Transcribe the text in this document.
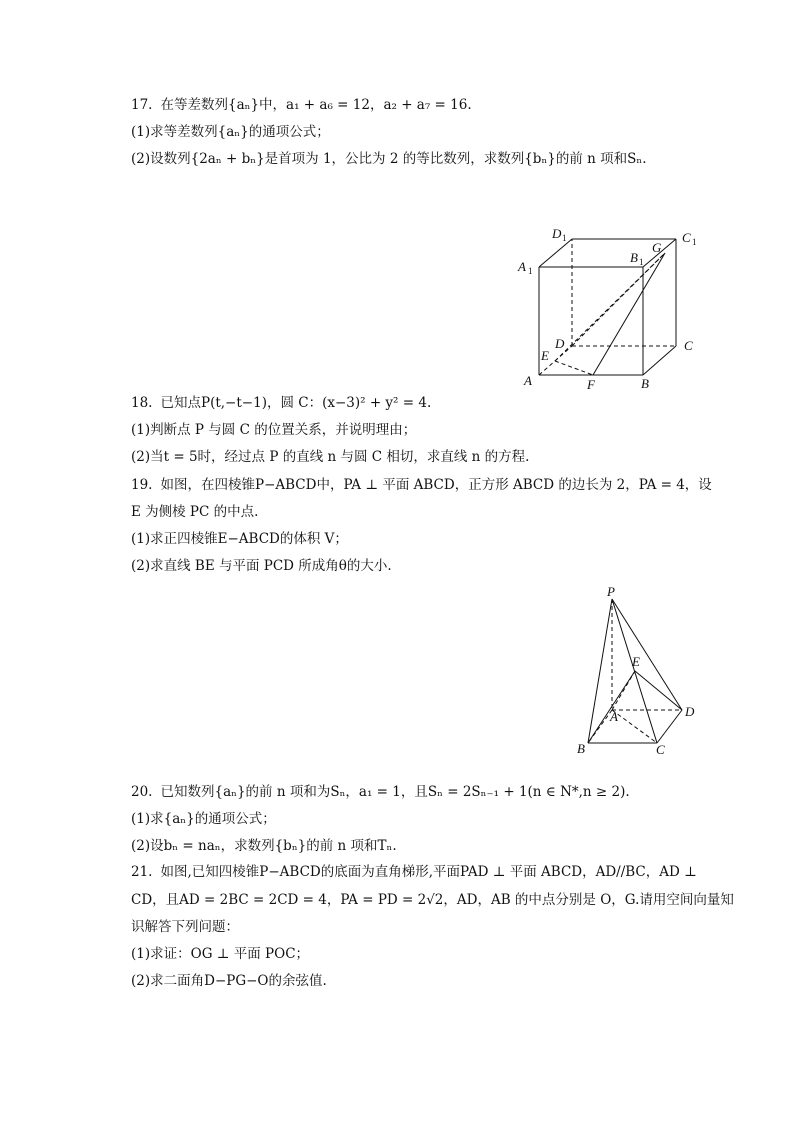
17. 在等差数列{aₙ}中，a₁ + a₆ = 12，a₂ + a₇ = 16.
(1)求等差数列{aₙ}的通项公式；
(2)设数列{2aₙ + bₙ}是首项为 1，公比为 2 的等比数列，求数列{bₙ}的前 n 项和Sₙ.
D 1	C 1
A 1
B 1
G
D	C
E
A	F	B
18. 已知点P(t,−t−1)，圆 C：(x−3)² + y² = 4.
(1)判断点 P 与圆 C 的位置关系，并说明理由；
(2)当t = 5时，经过点 P 的直线 n 与圆 C 相切，求直线 n 的方程.
19. 如图，在四棱锥P−ABCD中，PA ⊥ 平面 ABCD，正方形 ABCD 的边长为 2，PA = 4，设
E 为侧棱 PC 的中点.
(1)求正四棱锥E−ABCD的体积 V；
(2)求直线 BE 与平面 PCD 所成角θ的大小.
P
E
A	D
B	C
20. 已知数列{aₙ}的前 n 项和为Sₙ，a₁ = 1，且Sₙ = 2Sₙ₋₁ + 1(n ∈ N*,n ≥ 2).
(1)求{aₙ}的通项公式；
(2)设bₙ = naₙ，求数列{bₙ}的前 n 项和Tₙ.
21. 如图,已知四棱锥P−ABCD的底面为直角梯形,平面PAD ⊥ 平面 ABCD，AD//BC，AD ⊥
CD，且AD = 2BC = 2CD = 4，PA = PD = 2√2，AD，AB 的中点分别是 O，G.请用空间向量知
识解答下列问题：
(1)求证：OG ⊥ 平面 POC；
(2)求二面角D−PG−O的余弦值.
